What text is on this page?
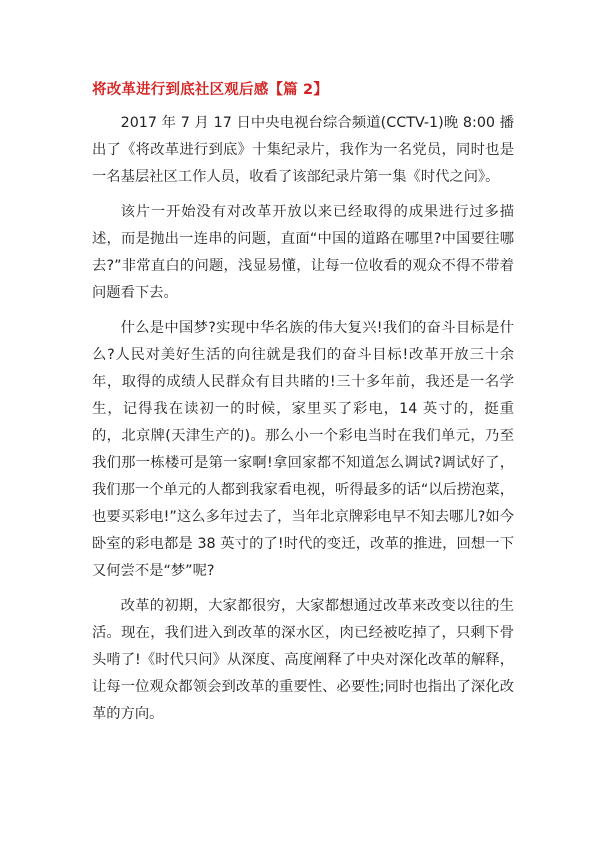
将改革进行到底社区观后感【篇 2】

2017 年 7 月 17 日中央电视台综合频道(CCTV-1)晚 8:00 播出了《将改革进行到底》十集纪录片，我作为一名党员，同时也是一名基层社区工作人员，收看了该部纪录片第一集《时代之问》。

该片一开始没有对改革开放以来已经取得的成果进行过多描述，而是抛出一连串的问题，直面“中国的道路在哪里?中国要往哪去?”非常直白的问题，浅显易懂，让每一位收看的观众不得不带着问题看下去。

什么是中国梦?实现中华名族的伟大复兴!我们的奋斗目标是什么?人民对美好生活的向往就是我们的奋斗目标!改革开放三十余年，取得的成绩人民群众有目共睹的!三十多年前，我还是一名学生，记得我在读初一的时候，家里买了彩电，14 英寸的，挺重的，北京牌(天津生产的)。那么小一个彩电当时在我们单元，乃至我们那一栋楼可是第一家啊!拿回家都不知道怎么调试?调试好了，我们那一个单元的人都到我家看电视，听得最多的话“以后捞泡菜，也要买彩电!”这么多年过去了，当年北京牌彩电早不知去哪儿?如今卧室的彩电都是 38 英寸的了!时代的变迁，改革的推进，回想一下又何尝不是“梦”呢?

改革的初期，大家都很穷，大家都想通过改革来改变以往的生活。现在，我们进入到改革的深水区，肉已经被吃掉了，只剩下骨头啃了!《时代只问》从深度、高度阐释了中央对深化改革的解释，让每一位观众都领会到改革的重要性、必要性;同时也指出了深化改革的方向。
